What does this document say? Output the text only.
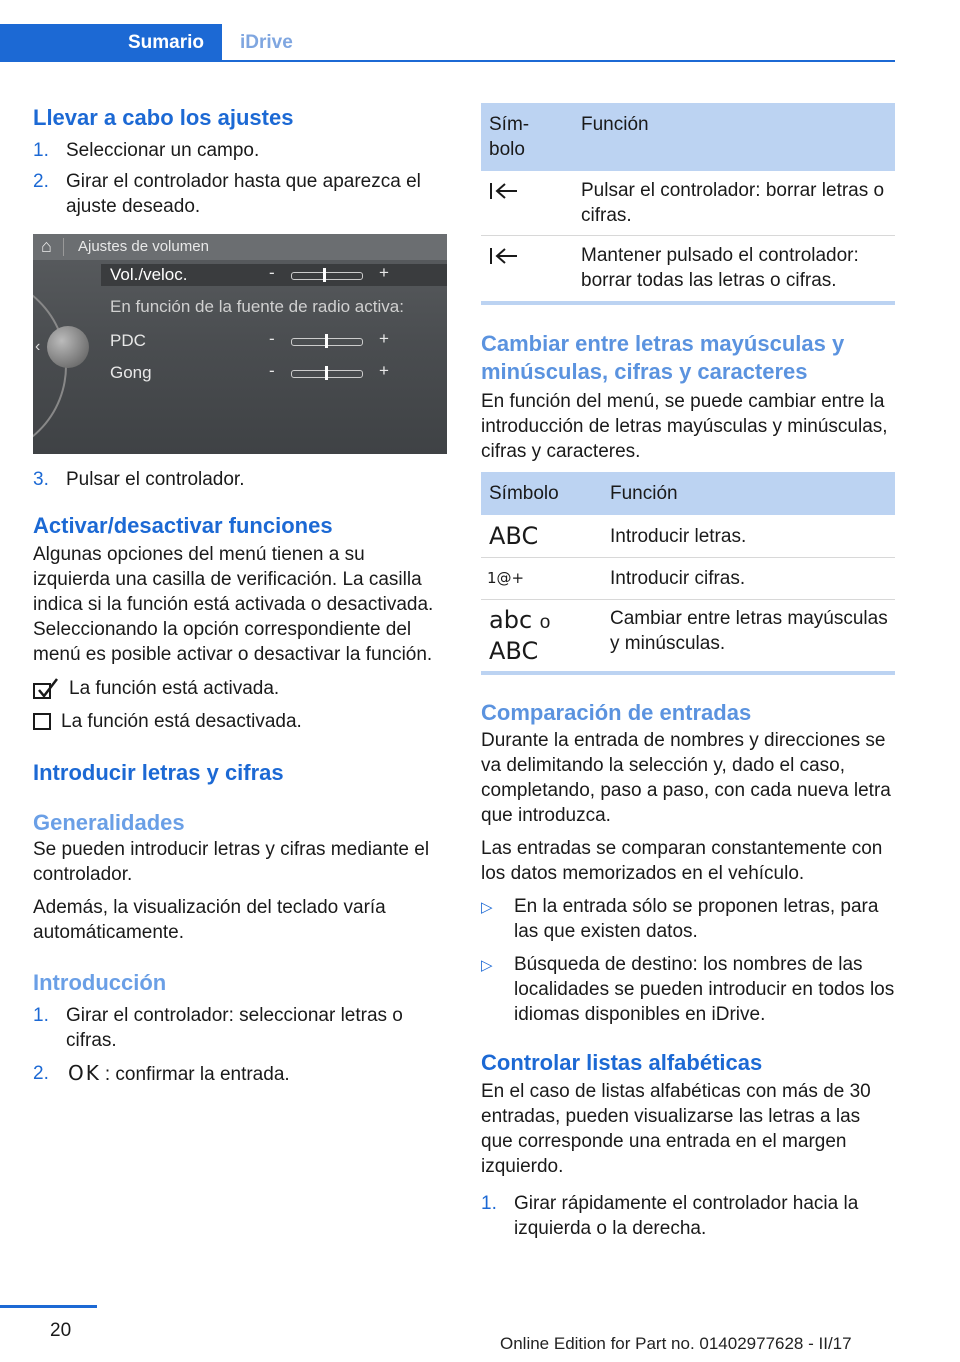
Sumario	iDrive
Llevar a cabo los ajustes
1. Seleccionar un campo.
2. Girar el controlador hasta que aparezca el ajuste deseado.
⌂ Ajustes de volumen
‹
Vol./veloc.	-	+
En función de la fuente de radio activa:
PDC	-	+
Gong	-	+
3. Pulsar el controlador.
Activar/desactivar funciones
Algunas opciones del menú tienen a su izquierda una casilla de verificación. La casilla indica si la función está activada o desactivada. Seleccionando la opción correspondiente del menú es posible activar o desactivar la función.
La función está activada.
La función está desactivada.
Introducir letras y cifras
Generalidades
Se pueden introducir letras y cifras mediante el controlador.
Además, la visualización del teclado varía automáticamente.
Introducción
1. Girar el controlador: seleccionar letras o cifras.
2. OK : confirmar la entrada.
Sím-
bolo	Función
	Pulsar el controlador: borrar letras o cifras.
	Mantener pulsado el controlador: borrar todas las letras o cifras.
Cambiar entre letras mayúsculas y minúsculas, cifras y caracteres
En función del menú, se puede cambiar entre la introducción de letras mayúsculas y minúsculas, cifras y caracteres.
Símbolo	Función
ABC	Introducir letras.
1@+	Introducir cifras.
abc o
ABC	Cambiar entre letras mayúsculas y minúsculas.
Comparación de entradas
Durante la entrada de nombres y direcciones se va delimitando la selección y, dado el caso, completando, paso a paso, con cada nueva letra que introduzca.
Las entradas se comparan constantemente con los datos memorizados en el vehículo.
▷ En la entrada sólo se proponen letras, para las que existen datos.
▷ Búsqueda de destino: los nombres de las localidades se pueden introducir en todos los idiomas disponibles en iDrive.
Controlar listas alfabéticas
En el caso de listas alfabéticas con más de 30 entradas, pueden visualizarse las letras a las que corresponde una entrada en el margen izquierdo.
1. Girar rápidamente el controlador hacia la izquierda o la derecha.
20
Online Edition for Part no. 01402977628 - II/17
